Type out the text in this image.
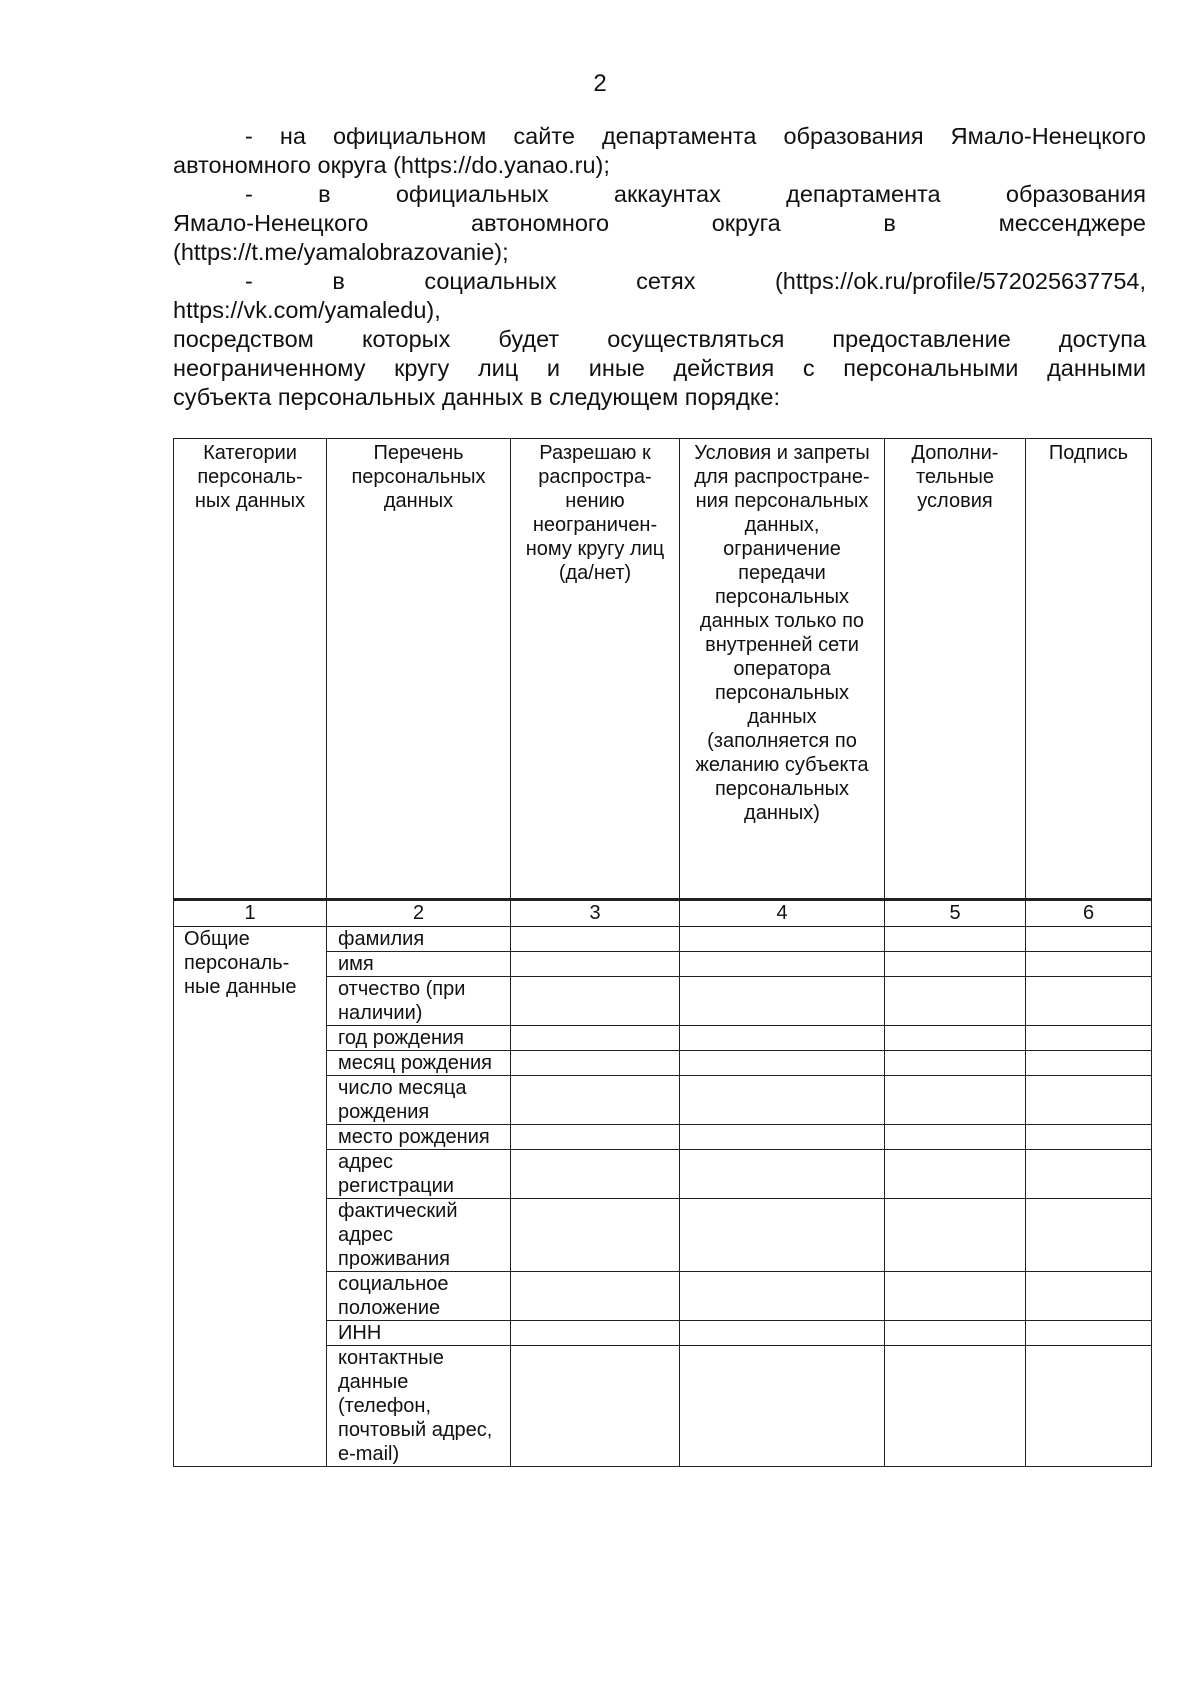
2
- на официальном сайте департамента образования Ямало-Ненецкого
автономного округа (https://do.yanao.ru);
- в официальных аккаунтах департамента образования
Ямало-Ненецкого автономного округа в мессенджере
(https://t.me/yamalobrazovanie);
- в социальных сетях (https://ok.ru/profile/572025637754,
https://vk.com/yamaledu),
посредством которых будет осуществляться предоставление доступа
неограниченному кругу лиц и иные действия с персональными данными
субъекта персональных данных в следующем порядке:
Категории персональ-ных данных	Перечень персональных данных	Разрешаю к распростра-нению неограничен-ному кругу лиц (да/нет)	Условия и запреты для распростране-ния персональных данных, ограничение передачи персональных данных только по внутренней сети оператора персональных данных (заполняется по желанию субъекта персональных данных)	Дополни-тельные условия	Подпись
1	2	3	4	5	6
Общие персональ-ные данные	фамилия				
	имя				
	отчество (при наличии)				
	год рождения				
	месяц рождения				
	число месяца рождения				
	место рождения				
	адрес регистрации				
	фактический адрес проживания				
	социальное положение				
	ИНН				
	контактные данные (телефон, почтовый адрес, e-mail)				
